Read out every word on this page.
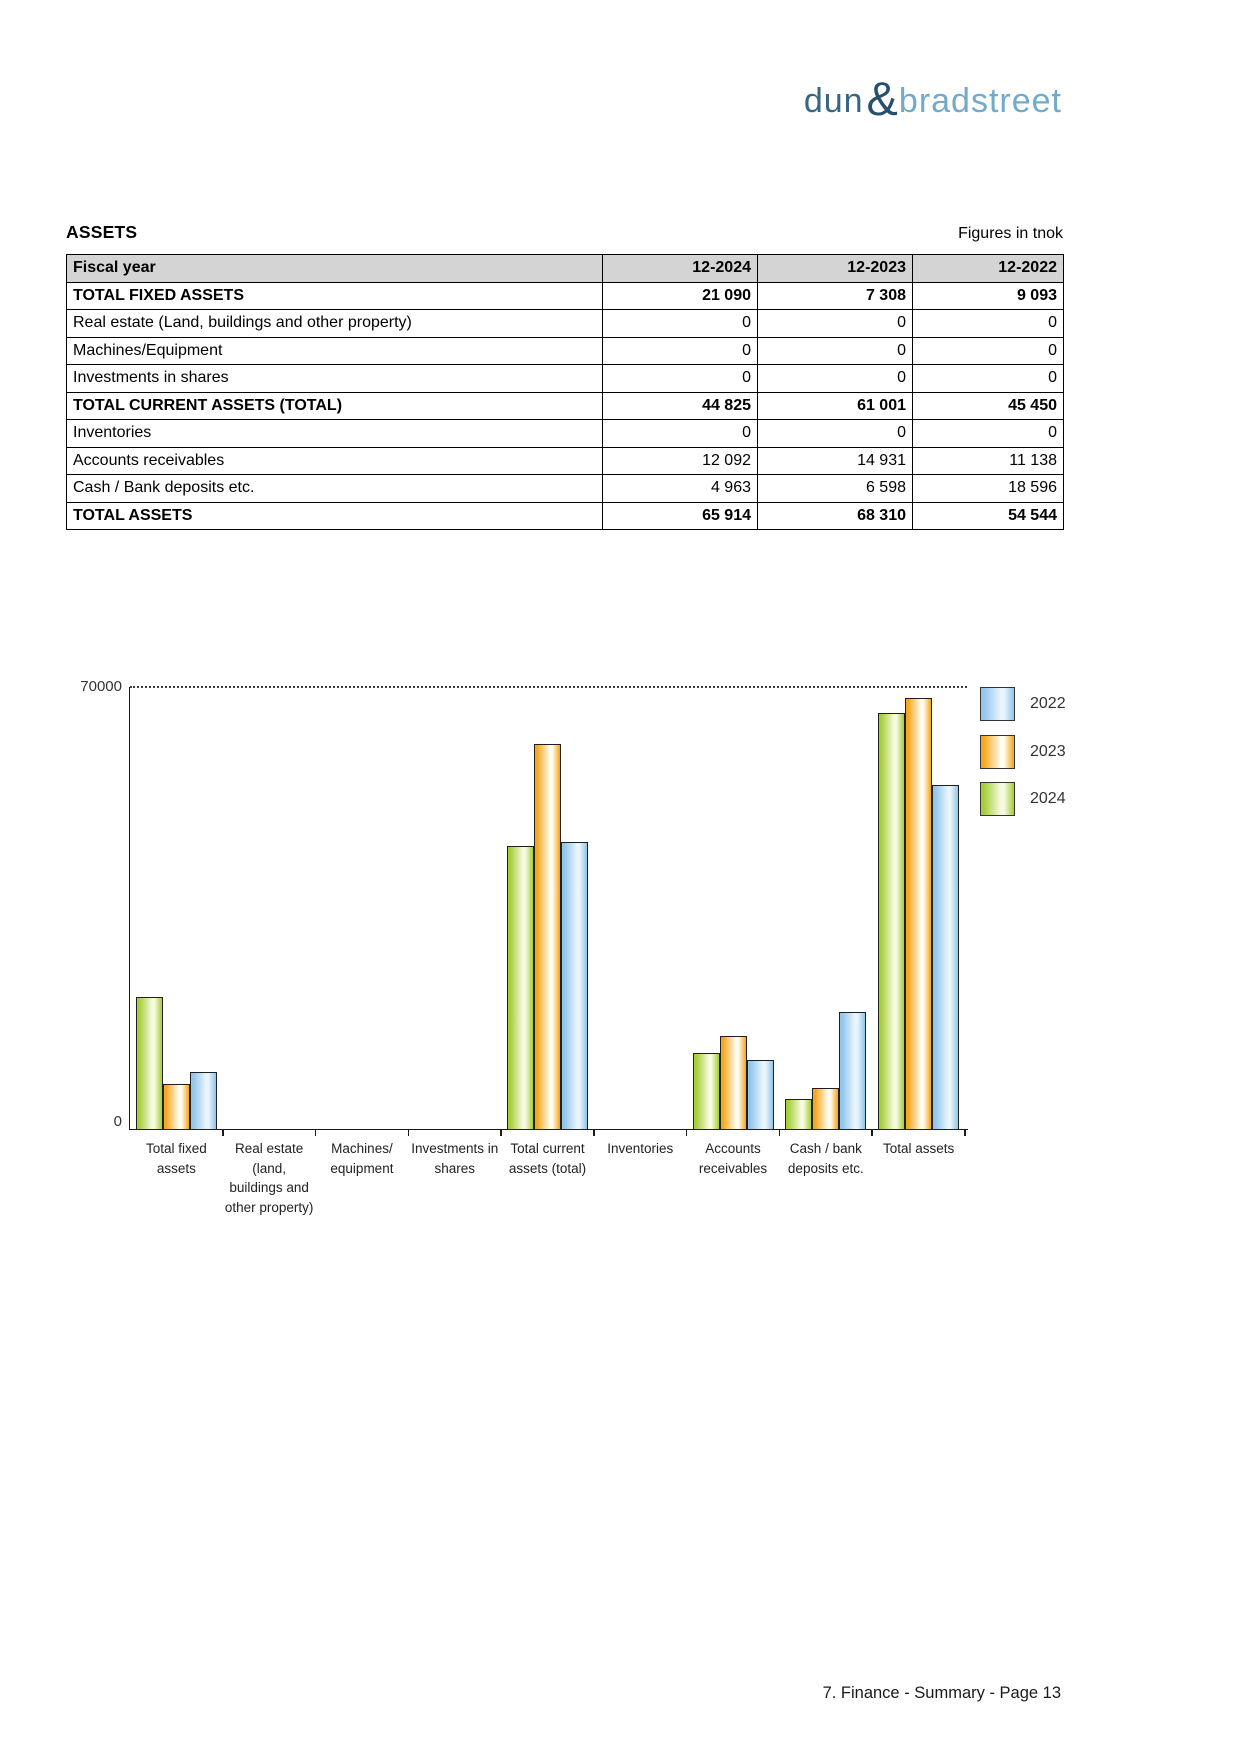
dun & bradstreet
ASSETS	Figures in tnok
Fiscal year	12-2024	12-2023	12-2022
TOTAL FIXED ASSETS	21 090	7 308	9 093
Real estate (Land, buildings and other property)	0	0	0
Machines/Equipment	0	0	0
Investments in shares	0	0	0
TOTAL CURRENT ASSETS (TOTAL)	44 825	61 001	45 450
Inventories	0	0	0
Accounts receivables	12 092	14 931	11 138
Cash / Bank deposits etc.	4 963	6 598	18 596
TOTAL ASSETS	65 914	68 310	54 544
70000
0
Total fixed
assets
Real estate
(land,
buildings and
other property)
Machines/
equipment
Investments in
shares
Total current
assets (total)
Inventories	Accounts
receivables
Cash / bank
deposits etc.
Total assets
2022
2023
2024
7. Finance - Summary - Page 13
